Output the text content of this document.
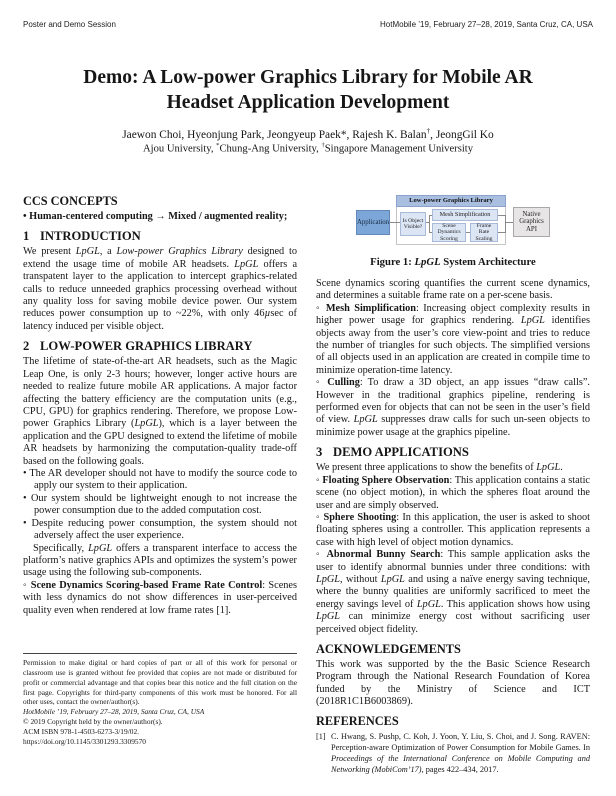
Poster and Demo Session	HotMobile ’19, February 27–28, 2019, Santa Cruz, CA, USA
Demo: A Low-power Graphics Library for Mobile AR Headset Application Development
Jaewon Choi, Hyeonjung Park, Jeongyeup Paek*, Rajesh K. Balan†, JeongGil Ko
Ajou University, *Chung-Ang University, †Singapore Management University
CCS CONCEPTS

• Human-centered computing → Mixed / augmented reality;

1 INTRODUCTION

We present LpGL, a Low-power Graphics Library designed to extend the usage time of mobile AR headsets. LpGL offers a transpatent layer to the application to intercept graphics-related calls to reduce unneeded graphics processing overhead without any quality loss for saving mobile device power. Our system reduces power consumption up to ~22%, with only 46µsec of latency induced per visible object.

2 LOW-POWER GRAPHICS LIBRARY

The lifetime of state-of-the-art AR headsets, such as the Magic Leap One, is only 2-3 hours; however, longer active hours are needed to realize future mobile AR applications. A major factor affecting the battery efficiency are the computation units (e.g., CPU, GPU) for graphics rendering. Therefore, we propose Low-power Graphics Library (LpGL), which is a layer between the application and the GPU designed to extend the lifetime of mobile AR headsets by harmonizing the computation-quality trade-off based on the following goals.

• The AR developer should not have to modify the source code to apply our system to their application.

• Our system should be lightweight enough to not increase the power consumption due to the added computation cost.

• Despite reducing power consumption, the system should not adversely affect the user experience.

Specifically, LpGL offers a transparent interface to access the platform’s native graphics APIs and optimizes the system’s power usage using the following sub-components.

◦ Scene Dynamics Scoring-based Frame Rate Control: Scenes with less dynamics do not show differences in user-perceived quality even when rendered at low frame rates [1].

Application
Low-power Graphics Library
Is Object Visible?
Mesh Simplification
Scene Dynamics Scoring
Frame Rate Scaling
Native Graphics API
Figure 1: LpGL System Architecture

Scene dynamics scoring quantifies the current scene dynamics, and determines a suitable frame rate on a per-scene basis.

◦ Mesh Simplification: Increasing object complexity results in higher power usage for graphics rendering. LpGL identifies objects away from the user’s core view-point and tries to reduce the number of triangles for such objects. The simplified versions of all objects used in an application are created in compile time to minimize operation-time latency.

◦ Culling: To draw a 3D object, an app issues “draw calls”. However in the traditional graphics pipeline, rendering is performed even for objects that can not be seen in the user’s field of view. LpGL suppresses draw calls for such un-seen objects to minimize power usage at the graphics pipeline.

3 DEMO APPLICATIONS

We present three applications to show the benefits of LpGL.

◦ Floating Sphere Observation: This application contains a static scene (no object motion), in which the spheres float around the user and are simply observed.

◦ Sphere Shooting: In this application, the user is asked to shoot floating spheres using a controller. This application represents a case with high level of object motion dynamics.

◦ Abnormal Bunny Search: This sample application asks the user to identify abnormal bunnies under three conditions: with LpGL, without LpGL and using a naïve energy saving technique, where the bunny qualities are uniformly sacrificed to meet the energy savings level of LpGL. This application shows how using LpGL can minimize energy cost without sacrificing user perceived object fidelity.

ACKNOWLEDGEMENTS

This work was supported by the the Basic Science Research Program through the National Research Foundation of Korea funded by the Ministry of Science and ICT (2018R1C1B6003869).

REFERENCES
[1] C. Hwang, S. Pushp, C. Koh, J. Yoon, Y. Liu, S. Choi, and J. Song. RAVEN: Perception-aware Optimization of Power Consumption for Mobile Games. In Proceedings of the International Conference on Mobile Computing and Networking (MobiCom’17), pages 422–434, 2017.

Permission to make digital or hard copies of part or all of this work for personal or classroom use is granted without fee provided that copies are not made or distributed for profit or commercial advantage and that copies bear this notice and the full citation on the first page. Copyrights for third-party components of this work must be honored. For all other uses, contact the owner/author(s).

HotMobile ’19, February 27–28, 2019, Santa Cruz, CA, USA

© 2019 Copyright held by the owner/author(s).

ACM ISBN 978-1-4503-6273-3/19/02.

https://doi.org/10.1145/3301293.3309570
